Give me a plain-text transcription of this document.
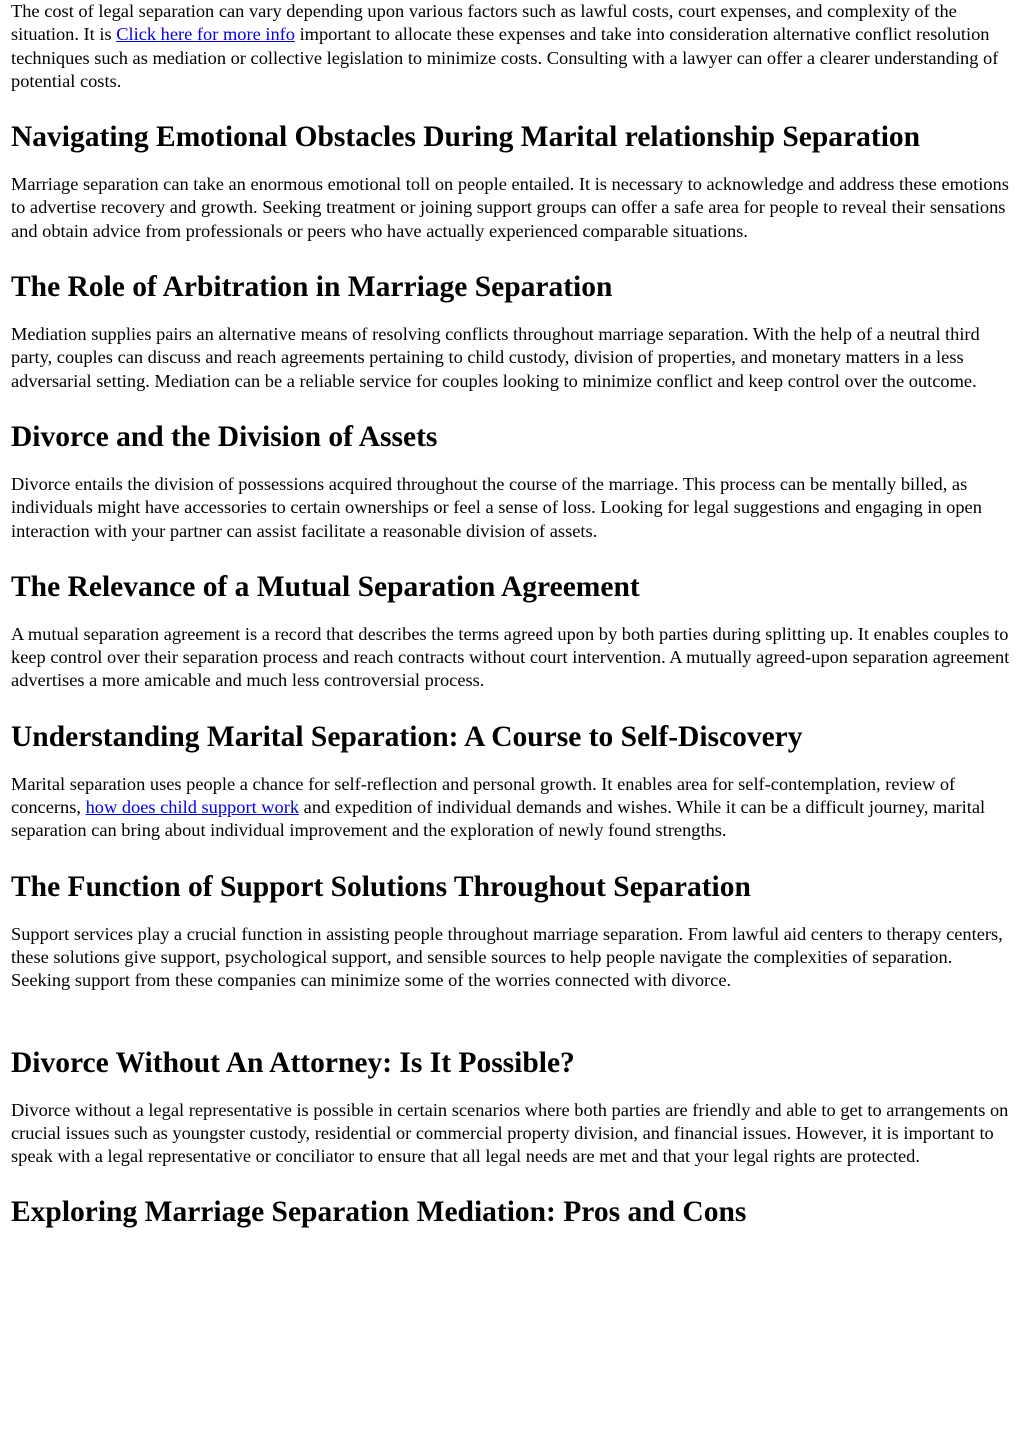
The cost of legal separation can vary depending upon various factors such as lawful costs, court expenses, and complexity of the situation. It is Click here for more info important to allocate these expenses and take into consideration alternative conflict resolution techniques such as mediation or collective legislation to minimize costs. Consulting with a lawyer can offer a clearer understanding of potential costs.

Navigating Emotional Obstacles During Marital relationship Separation

Marriage separation can take an enormous emotional toll on people entailed. It is necessary to acknowledge and address these emotions to advertise recovery and growth. Seeking treatment or joining support groups can offer a safe area for people to reveal their sensations and obtain advice from professionals or peers who have actually experienced comparable situations.

The Role of Arbitration in Marriage Separation

Mediation supplies pairs an alternative means of resolving conflicts throughout marriage separation. With the help of a neutral third party, couples can discuss and reach agreements pertaining to child custody, division of properties, and monetary matters in a less adversarial setting. Mediation can be a reliable service for couples looking to minimize conflict and keep control over the outcome.

Divorce and the Division of Assets

Divorce entails the division of possessions acquired throughout the course of the marriage. This process can be mentally billed, as individuals might have accessories to certain ownerships or feel a sense of loss. Looking for legal suggestions and engaging in open interaction with your partner can assist facilitate a reasonable division of assets.

The Relevance of a Mutual Separation Agreement

A mutual separation agreement is a record that describes the terms agreed upon by both parties during splitting up. It enables couples to keep control over their separation process and reach contracts without court intervention. A mutually agreed-upon separation agreement advertises a more amicable and much less controversial process.

Understanding Marital Separation: A Course to Self-Discovery

Marital separation uses people a chance for self-reflection and personal growth. It enables area for self-contemplation, review of concerns, how does child support work and expedition of individual demands and wishes. While it can be a difficult journey, marital separation can bring about individual improvement and the exploration of newly found strengths.

The Function of Support Solutions Throughout Separation

Support services play a crucial function in assisting people throughout marriage separation. From lawful aid centers to therapy centers, these solutions give support, psychological support, and sensible sources to help people navigate the complexities of separation. Seeking support from these companies can minimize some of the worries connected with divorce.

Divorce Without An Attorney: Is It Possible?

Divorce without a legal representative is possible in certain scenarios where both parties are friendly and able to get to arrangements on crucial issues such as youngster custody, residential or commercial property division, and financial issues. However, it is important to speak with a legal representative or conciliator to ensure that all legal needs are met and that your legal rights are protected.

Exploring Marriage Separation Mediation: Pros and Cons
